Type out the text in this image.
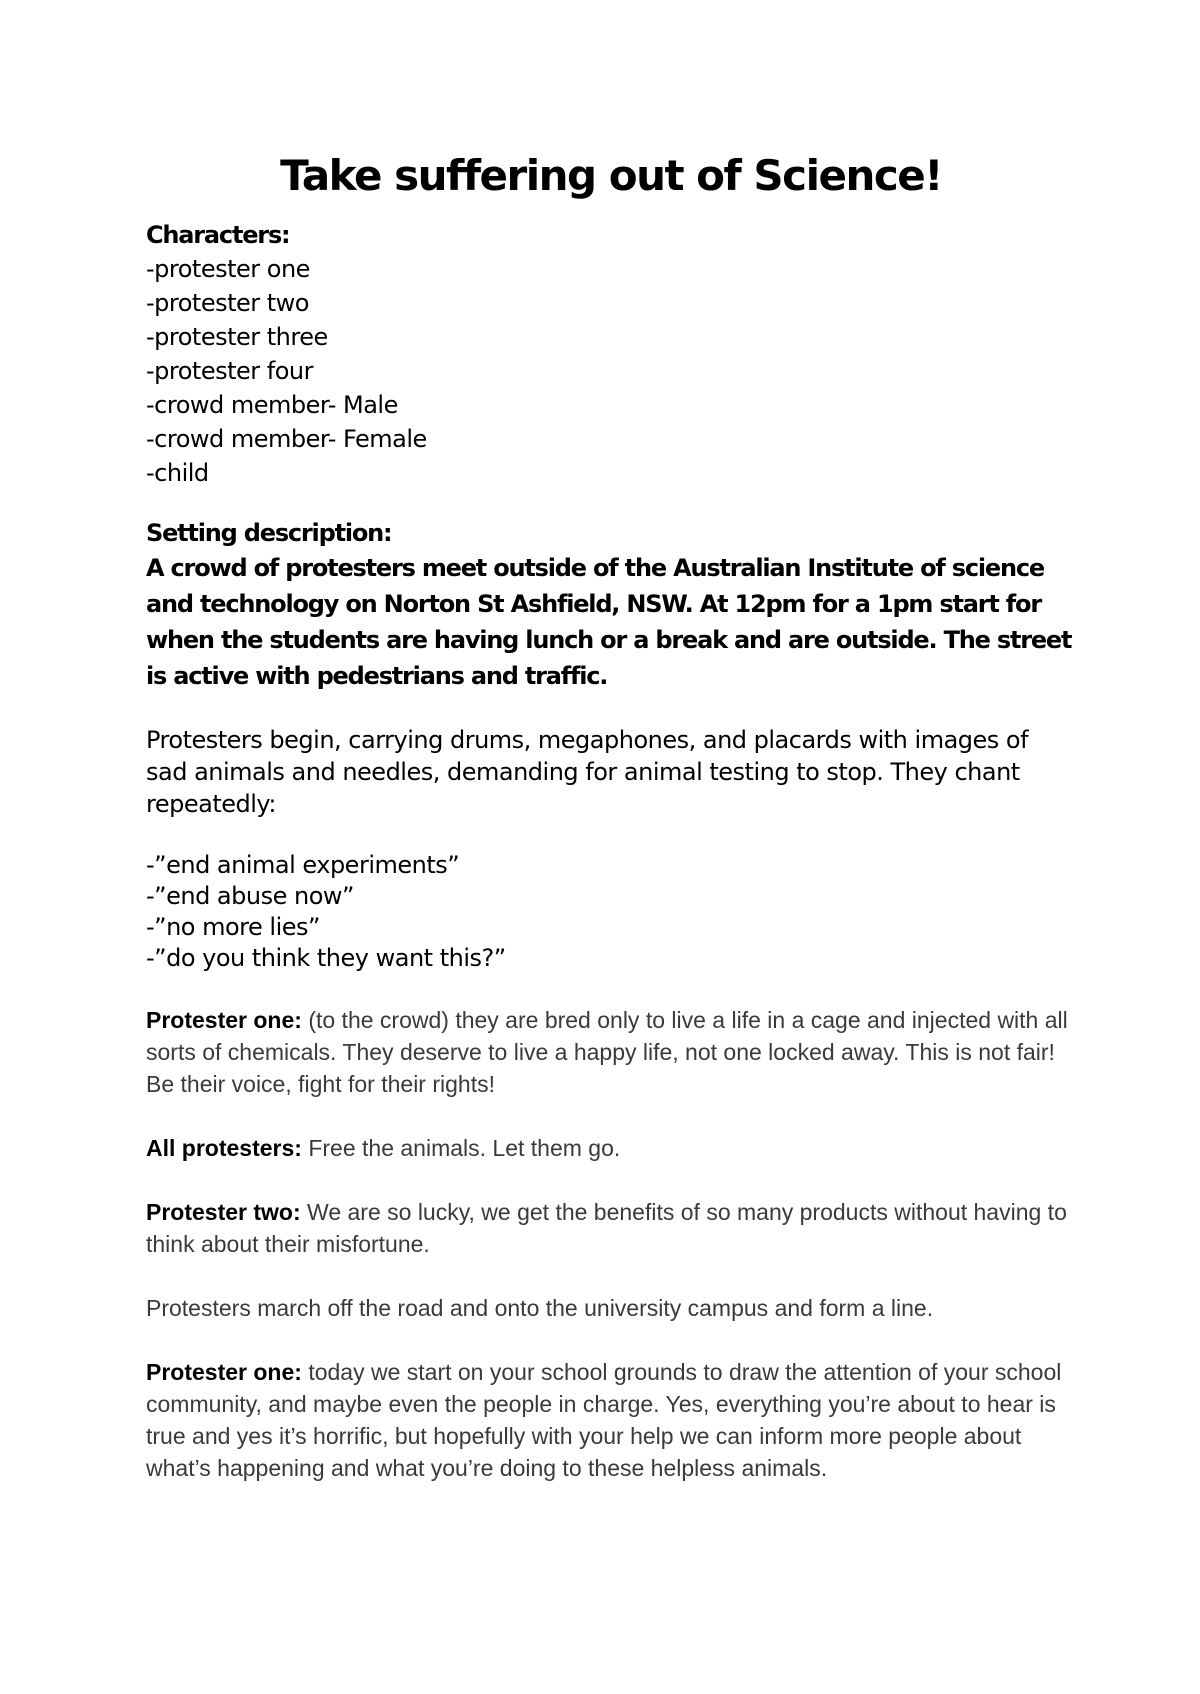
Take suffering out of Science!
Characters:
-protester one
-protester two
-protester three
-protester four
-crowd member- Male
-crowd member- Female
-child
Setting description:

A crowd of protesters meet outside of the Australian Institute of science and technology on Norton St Ashfield, NSW. At 12pm for a 1pm start for when the students are having lunch or a break and are outside. The street is active with pedestrians and traffic.

Protesters begin, carrying drums, megaphones, and placards with images of sad animals and needles, demanding for animal testing to stop. They chant repeatedly:

-”end animal experiments”
-”end abuse now”
-”no more lies”
-”do you think they want this?”

Protester one: (to the crowd) they are bred only to live a life in a cage and injected with all sorts of chemicals. They deserve to live a happy life, not one locked away. This is not fair! Be their voice, fight for their rights!

All protesters: Free the animals. Let them go.

Protester two: We are so lucky, we get the benefits of so many products without having to think about their misfortune.

Protesters march off the road and onto the university campus and form a line.

Protester one: today we start on your school grounds to draw the attention of your school community, and maybe even the people in charge. Yes, everything you’re about to hear is true and yes it’s horrific, but hopefully with your help we can inform more people about what’s happening and what you’re doing to these helpless animals.
